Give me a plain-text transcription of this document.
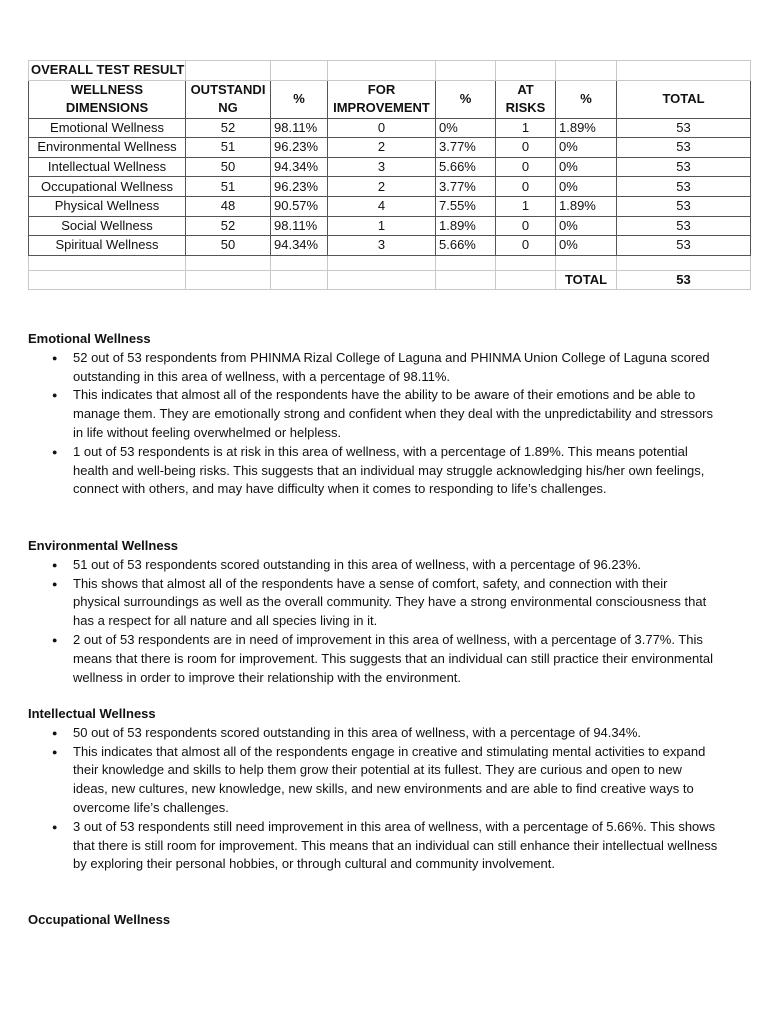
OVERALL TEST RESULT							
WELLNESS DIMENSIONS	OUTSTANDI NG	%	FOR IMPROVEMENT	%	AT RISKS	%	TOTAL
Emotional Wellness	52	98.11%	0	0%	1	1.89%	53
Environmental Wellness	51	96.23%	2	3.77%	0	0%	53
Intellectual Wellness	50	94.34%	3	5.66%	0	0%	53
Occupational Wellness	51	96.23%	2	3.77%	0	0%	53
Physical Wellness	48	90.57%	4	7.55%	1	1.89%	53
Social Wellness	52	98.11%	1	1.89%	0	0%	53
Spiritual Wellness	50	94.34%	3	5.66%	0	0%	53

						TOTAL	53
Emotional Wellness
● 52 out of 53 respondents from PHINMA Rizal College of Laguna and PHINMA Union College of Laguna scored outstanding in this area of wellness, with a percentage of 98.11%.
● This indicates that almost all of the respondents have the ability to be aware of their emotions and be able to manage them. They are emotionally strong and confident when they deal with the unpredictability and stressors in life without feeling overwhelmed or helpless.
● 1 out of 53 respondents is at risk in this area of wellness, with a percentage of 1.89%. This means potential health and well-being risks. This suggests that an individual may struggle acknowledging his/her own feelings, connect with others, and may have difficulty when it comes to responding to life’s challenges.
Environmental Wellness
● 51 out of 53 respondents scored outstanding in this area of wellness, with a percentage of 96.23%.
● This shows that almost all of the respondents have a sense of comfort, safety, and connection with their physical surroundings as well as the overall community. They have a strong environmental consciousness that has a respect for all nature and all species living in it.
● 2 out of 53 respondents are in need of improvement in this area of wellness, with a percentage of 3.77%. This means that there is room for improvement. This suggests that an individual can still practice their environmental wellness in order to improve their relationship with the environment.
Intellectual Wellness
● 50 out of 53 respondents scored outstanding in this area of wellness, with a percentage of 94.34%.
● This indicates that almost all of the respondents engage in creative and stimulating mental activities to expand their knowledge and skills to help them grow their potential at its fullest. They are curious and open to new ideas, new cultures, new knowledge, new skills, and new environments and are able to find creative ways to overcome life’s challenges.
● 3 out of 53 respondents still need improvement in this area of wellness, with a percentage of 5.66%. This shows that there is still room for improvement. This means that an individual can still enhance their intellectual wellness by exploring their personal hobbies, or through cultural and community involvement.
Occupational Wellness
